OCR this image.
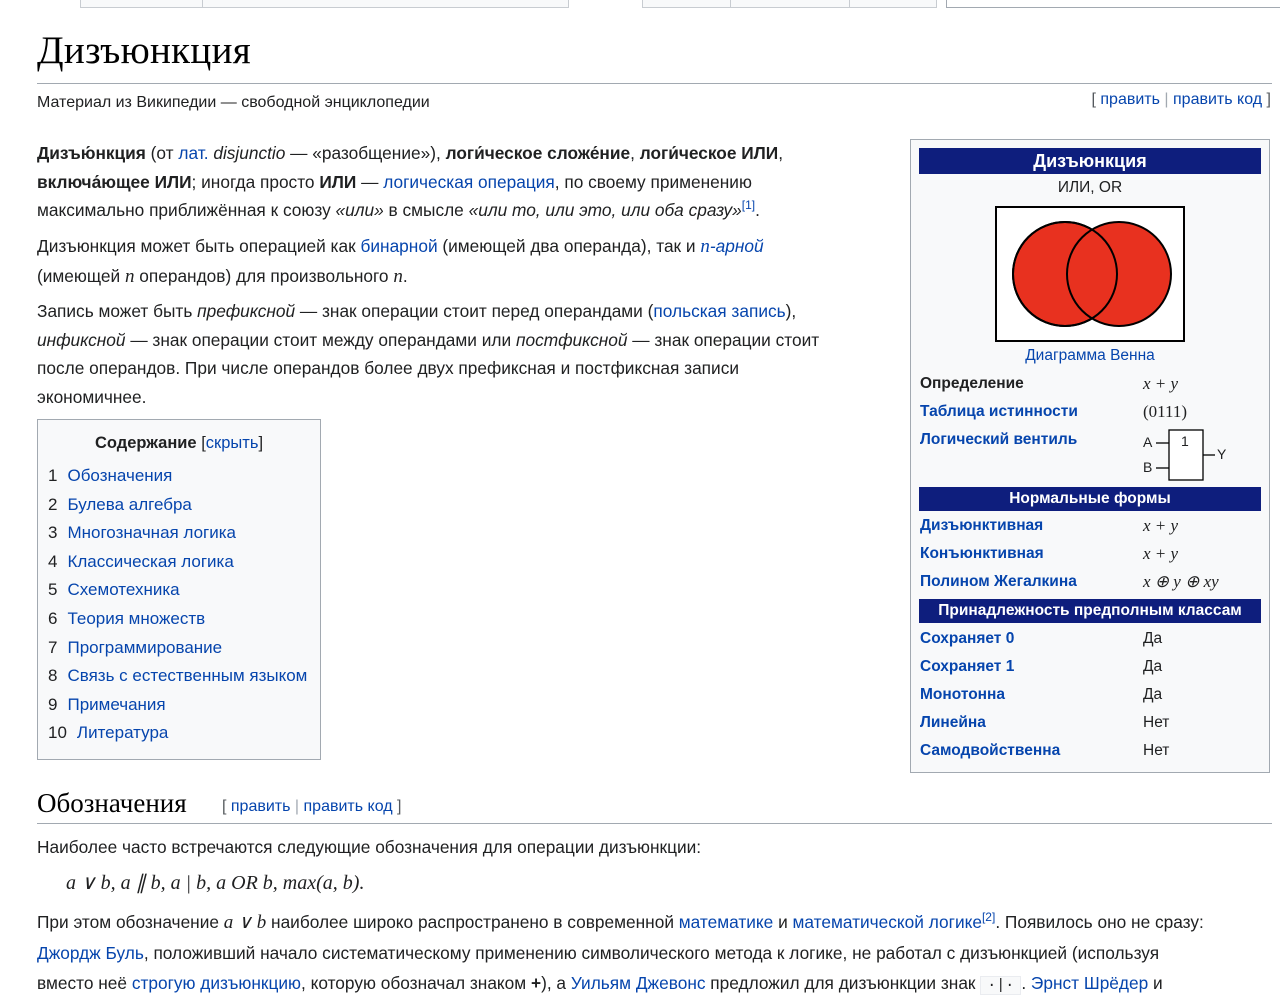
Дизъюнкция
Материал из Википедии — свободной энциклопедии	[ править | править код ]
Дизъю́нкция (от лат. disjunctio — «разобщение»), логи́ческое сложе́ние, логи́ческое ИЛИ,
включа́ющее ИЛИ; иногда просто ИЛИ — логическая операция, по своему применению
максимально приближённая к союзу «или» в смысле «или то, или это, или оба сразу»[1].
Дизъюнкция может быть операцией как бинарной (имеющей два операнда), так и n-арной
(имеющей n операндов) для произвольного n.
Запись может быть префиксной — знак операции стоит перед операндами (польская запись),
инфиксной — знак операции стоит между операндами или постфиксной — знак операции стоит
после операндов. При числе операндов более двух префиксная и постфиксная записи
экономичнее.
Содержание [скрыть]
1 Обозначения
2 Булева алгебра
3 Многозначная логика
4 Классическая логика
5 Схемотехника
6 Теория множеств
7 Программирование
8 Связь с естественным языком
9 Примечания
10 Литература
Дизъюнкция
ИЛИ, OR
Диаграмма Венна
Определение	x + y
Таблица истинности	(0111)
Логический вентиль	A
B
1
Y
Нормальные формы
Дизъюнктивная	x + y
Конъюнктивная	x + y
Полином Жегалкина	x ⊕ y ⊕ xy
Принадлежность предполным классам
Сохраняет 0	Да
Сохраняет 1	Да
Монотонна	Да
Линейна	Нет
Самодвойственна	Нет
Обозначения [ править | править код ]
Наиболее часто встречаются следующие обозначения для операции дизъюнкции:
a ∨ b, a ∥ b, a | b, a OR b, max(a, b).
При этом обозначение a ∨ b наиболее широко распространено в современной математике и математической логике[2]. Появилось оно не сразу:
Джордж Буль, положивший начало систематическому применению символического метода к логике, не работал с дизъюнкцией (используя
вместо неё строгую дизъюнкцию, которую обозначал знаком +), а Уильям Джевонс предложил для дизъюнкции знак ·|· . Эрнст Шрёдер и
